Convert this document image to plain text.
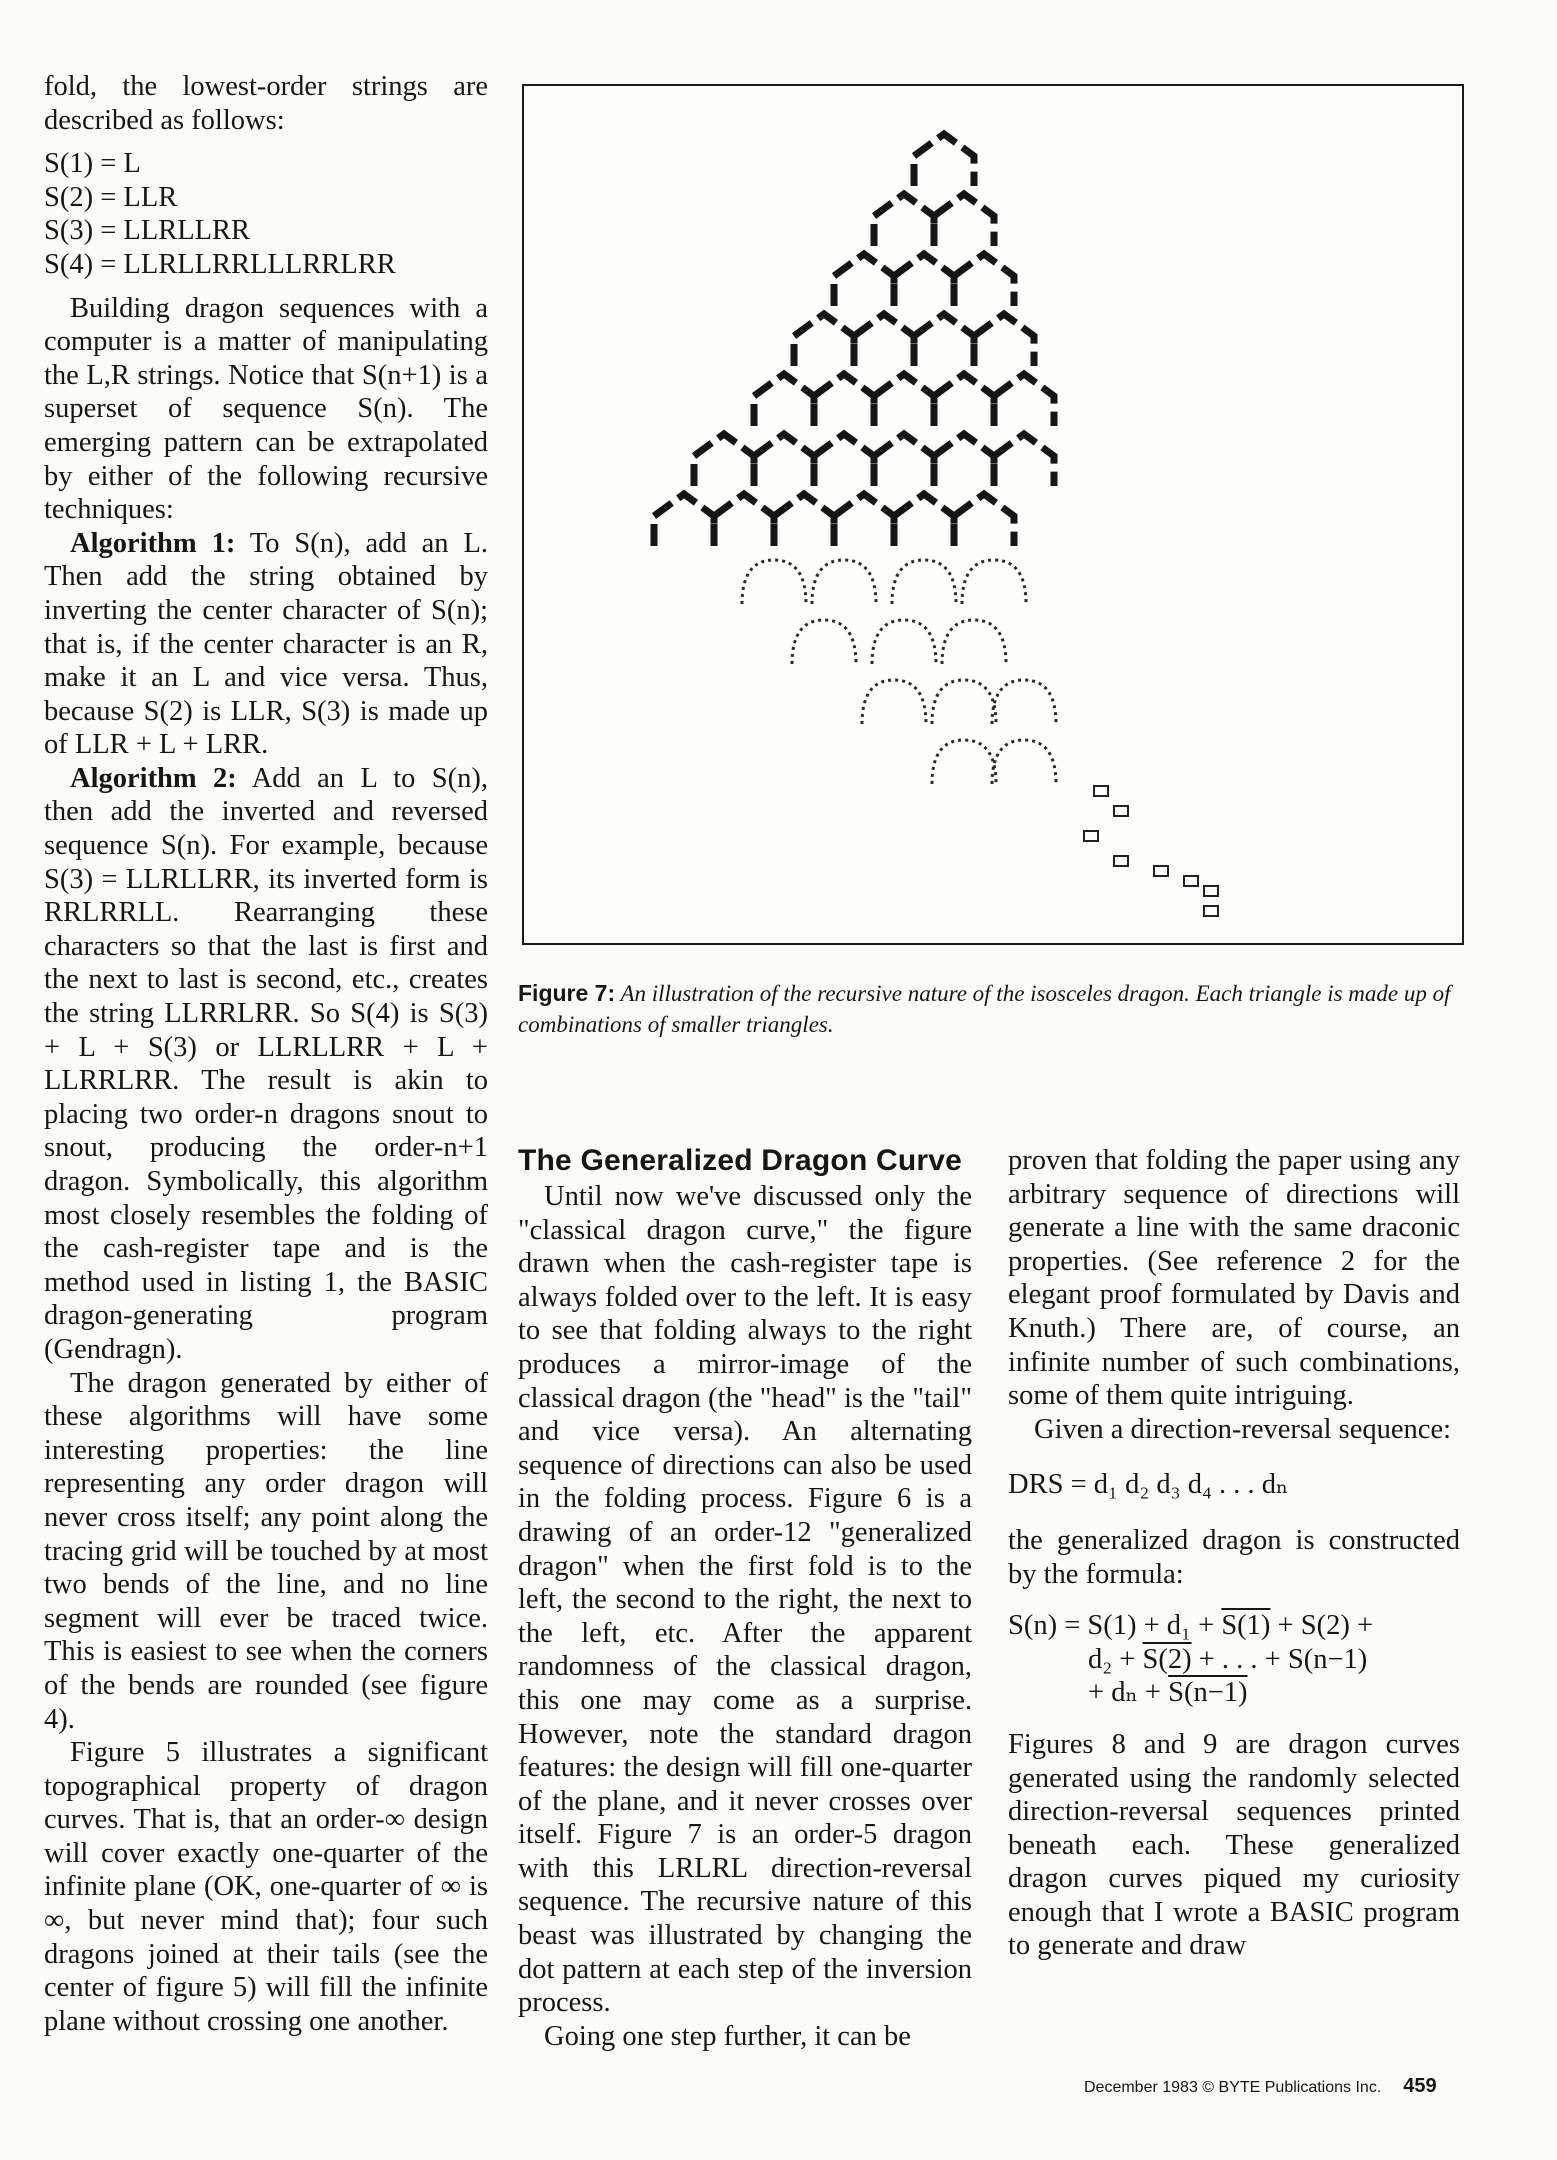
fold, the lowest-order strings are described as follows:

S(1) = L

S(2) = LLR

S(3) = LLRLLRR

S(4) = LLRLLRRLLLRRLRR

Building dragon sequences with a computer is a matter of manipulating the L,R strings. Notice that S(n+1) is a superset of sequence S(n). The emerging pattern can be extrapolated by either of the following recursive techniques:

Algorithm 1: To S(n), add an L. Then add the string obtained by inverting the center character of S(n); that is, if the center character is an R, make it an L and vice versa. Thus, because S(2) is LLR, S(3) is made up of LLR + L + LRR.

Algorithm 2: Add an L to S(n), then add the inverted and reversed sequence S(n). For example, because S(3) = LLRLLRR, its inverted form is RRLRRLL. Rearranging these characters so that the last is first and the next to last is second, etc., creates the string LLRRLRR. So S(4) is S(3) + L + S(3) or LLRLLRR + L + LLRRLRR. The result is akin to placing two order-n dragons snout to snout, producing the order-n+1 dragon. Symbolically, this algorithm most closely resembles the folding of the cash-register tape and is the method used in listing 1, the BASIC dragon-generating program (Gendragn).

The dragon generated by either of these algorithms will have some interesting properties: the line representing any order dragon will never cross itself; any point along the tracing grid will be touched by at most two bends of the line, and no line segment will ever be traced twice. This is easiest to see when the corners of the bends are rounded (see figure 4).

Figure 5 illustrates a significant topographical property of dragon curves. That is, that an order-∞ design will cover exactly one-quarter of the infinite plane (OK, one-quarter of ∞ is ∞, but never mind that); four such dragons joined at their tails (see the center of figure 5) will fill the infinite plane without crossing one another.

Figure 7: An illustration of the recursive nature of the isosceles dragon. Each triangle is made up of combinations of smaller triangles.
The Generalized Dragon Curve

Until now we've discussed only the "classical dragon curve," the figure drawn when the cash-register tape is always folded over to the left. It is easy to see that folding always to the right produces a mirror-image of the classical dragon (the "head" is the "tail" and vice versa). An alternating sequence of directions can also be used in the folding process. Figure 6 is a drawing of an order-12 "generalized dragon" when the first fold is to the left, the second to the right, the next to the left, etc. After the apparent randomness of the classical dragon, this one may come as a surprise. However, note the standard dragon features: the design will fill one-quarter of the plane, and it never crosses over itself. Figure 7 is an order-5 dragon with this LRLRL direction-reversal sequence. The recursive nature of this beast was illustrated by changing the dot pattern at each step of the inversion process.

Going one step further, it can be

proven that folding the paper using any arbitrary sequence of directions will generate a line with the same draconic properties. (See reference 2 for the elegant proof formulated by Davis and Knuth.) There are, of course, an infinite number of such combinations, some of them quite intriguing.

Given a direction-reversal sequence:

DRS = d₁ d₂ d₃ d₄ . . . dₙ

the generalized dragon is constructed by the formula:

S(n) = S(1) + d₁ + S(1) + S(2) +

d₂ + S(2) + . . . + S(n−1)

+ dₙ + S(n−1)

Figures 8 and 9 are dragon curves generated using the randomly selected direction-reversal sequences printed beneath each. These generalized dragon curves piqued my curiosity enough that I wrote a BASIC program to generate and draw

December 1983 © BYTE Publications Inc. 459
